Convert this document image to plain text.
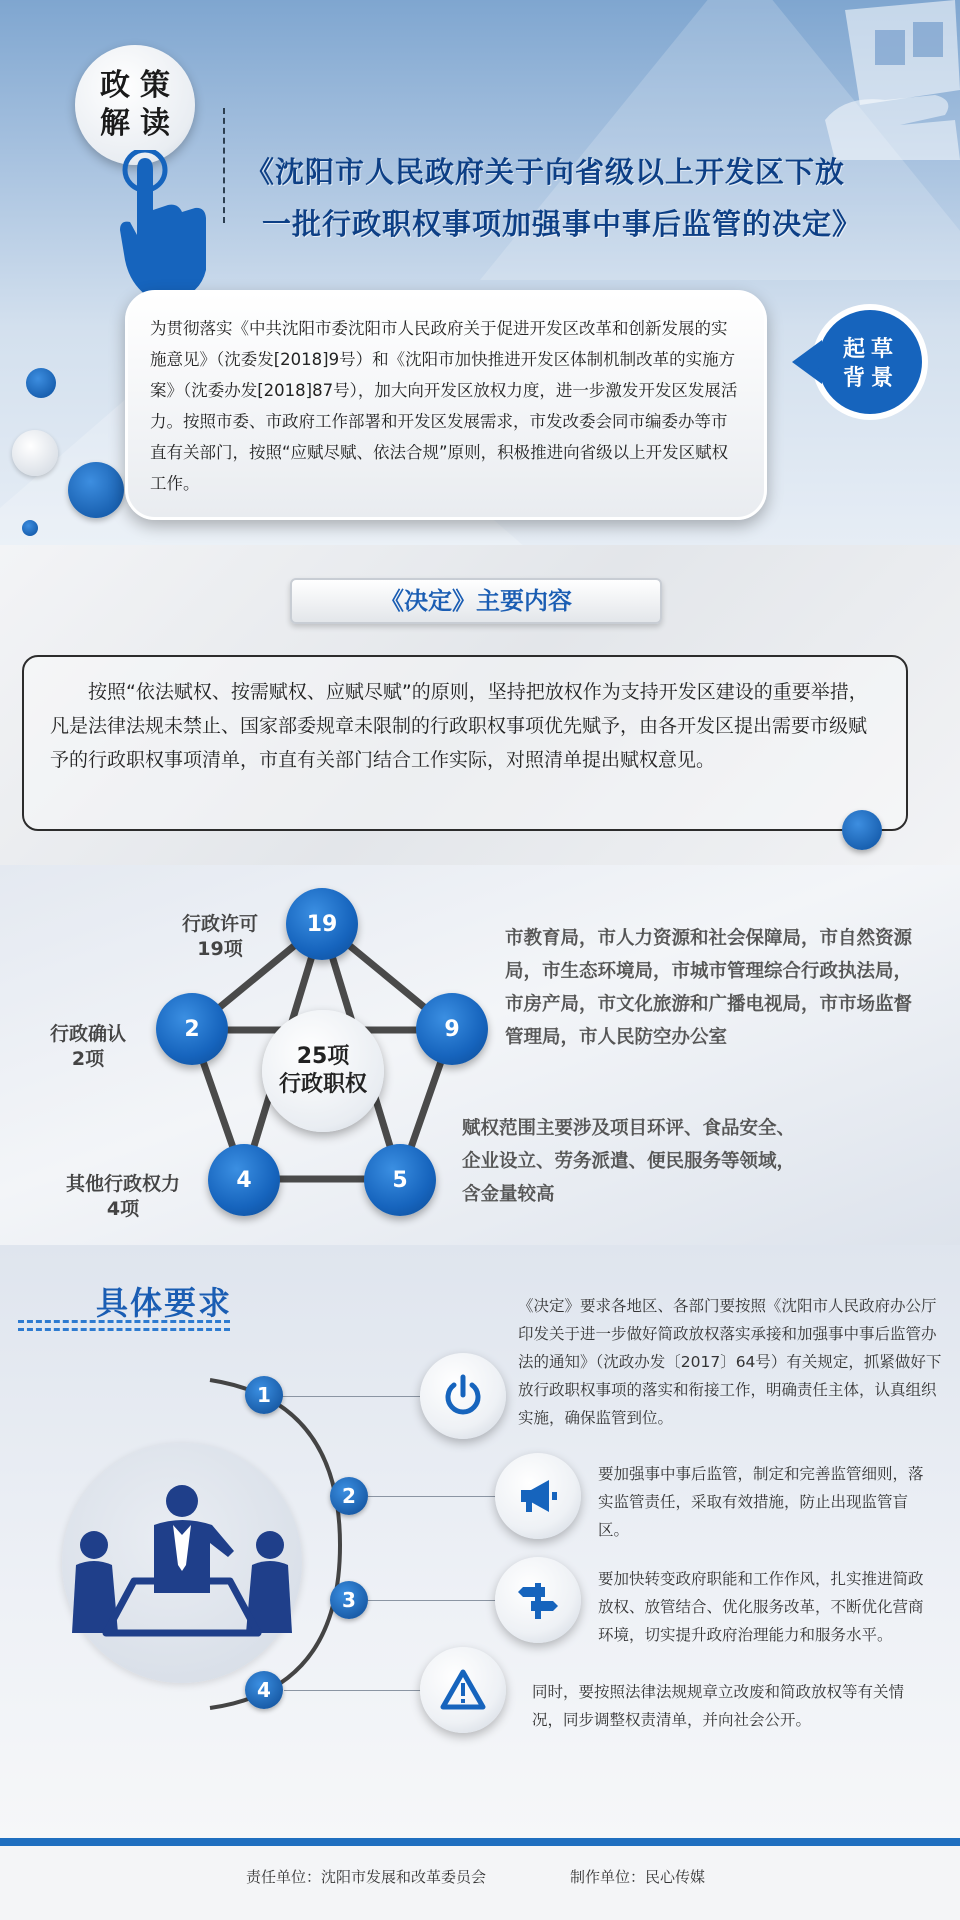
政 策
解 读
《沈阳市人民政府关于向省级以上开发区下放
一批行政职权事项加强事中事后监管的决定》
为贯彻落实《中共沈阳市委沈阳市人民政府关于促进开发区改革和创新发展的实施意见》（沈委发[2018]9号）和《沈阳市加快推进开发区体制机制改革的实施方案》（沈委办发[2018]87号），加大向开发区放权力度，进一步激发开发区发展活力。按照市委、市政府工作部署和开发区发展需求，市发改委会同市编委办等市直有关部门，按照“应赋尽赋、依法合规”原则，积极推进向省级以上开发区赋权工作。
起草
背景
《决定》主要内容
按照“依法赋权、按需赋权、应赋尽赋”的原则，坚持把放权作为支持开发区建设的重要举措，凡是法律法规未禁止、国家部委规章未限制的行政职权事项优先赋予，由各开发区提出需要市级赋予的行政职权事项清单，市直有关部门结合工作实际，对照清单提出赋权意见。
25项
行政职权
19
9
5
4
2
行政许可
19项
行政确认
2项
其他行政权力
4项
市教育局，市人力资源和社会保障局，市自然资源局，市生态环境局，市城市管理综合行政执法局，市房产局，市文化旅游和广播电视局，市市场监督管理局，市人民防空办公室
赋权范围主要涉及项目环评、食品安全、企业设立、劳务派遣、便民服务等领域，含金量较高
具体要求
1
2
3
4
《决定》要求各地区、各部门要按照《沈阳市人民政府办公厅印发关于进一步做好简政放权落实承接和加强事中事后监管办法的通知》（沈政办发〔2017〕64号）有关规定，抓紧做好下放行政职权事项的落实和衔接工作，明确责任主体，认真组织实施，确保监管到位。
要加强事中事后监管，制定和完善监管细则，落实监管责任，采取有效措施，防止出现监管盲区。
要加快转变政府职能和工作作风，扎实推进简政放权、放管结合、优化服务改革，不断优化营商环境，切实提升政府治理能力和服务水平。
同时，要按照法律法规规章立改废和简政放权等有关情况，同步调整权责清单，并向社会公开。
责任单位：沈阳市发展和改革委员会	制作单位：民心传媒
